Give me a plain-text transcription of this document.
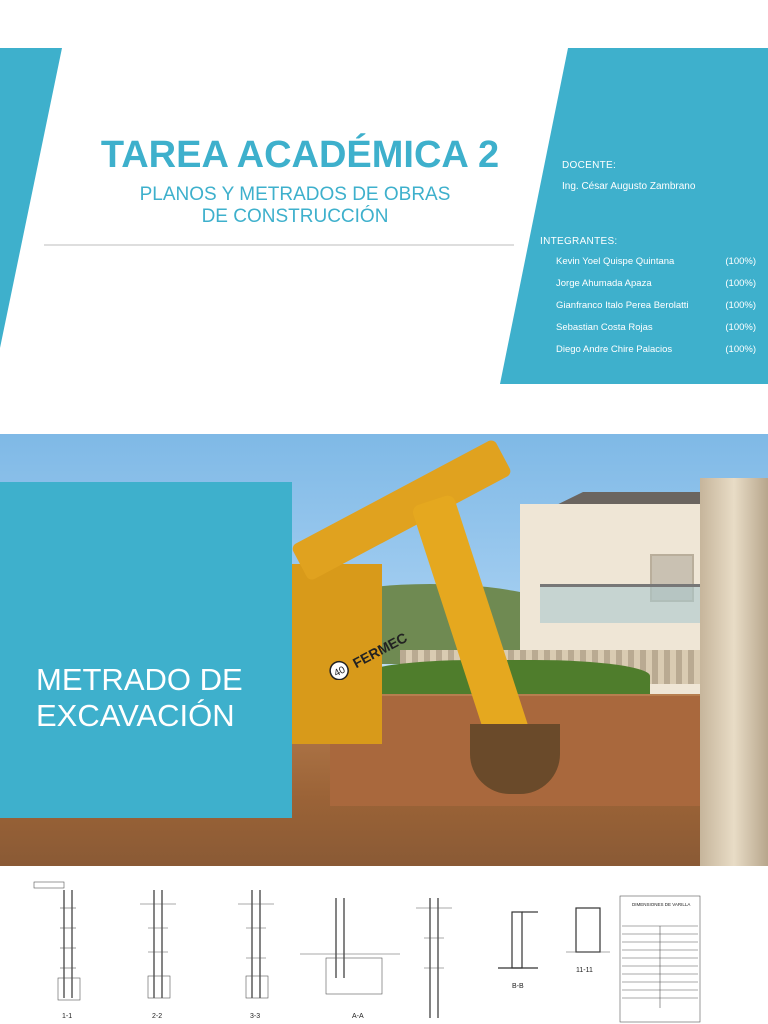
TAREA ACADÉMICA 2
PLANOS Y METRADOS DE OBRAS
DE CONSTRUCCIÓN
DOCENTE:
Ing. César Augusto Zambrano
INTEGRANTES:
Kevin Yoel Quispe Quintana	(100%)
Jorge Ahumada Apaza	(100%)
Gianfranco Italo Perea Berolatti	(100%)
Sebastian Costa Rojas	(100%)
Diego Andre Chire Palacios	(100%)
40
FERMEC
METRADO DE
EXCAVACIÓN
1-1	2-2	3-3	A-A
B-B
11-11
DIMENSIONES DE VARILLA
